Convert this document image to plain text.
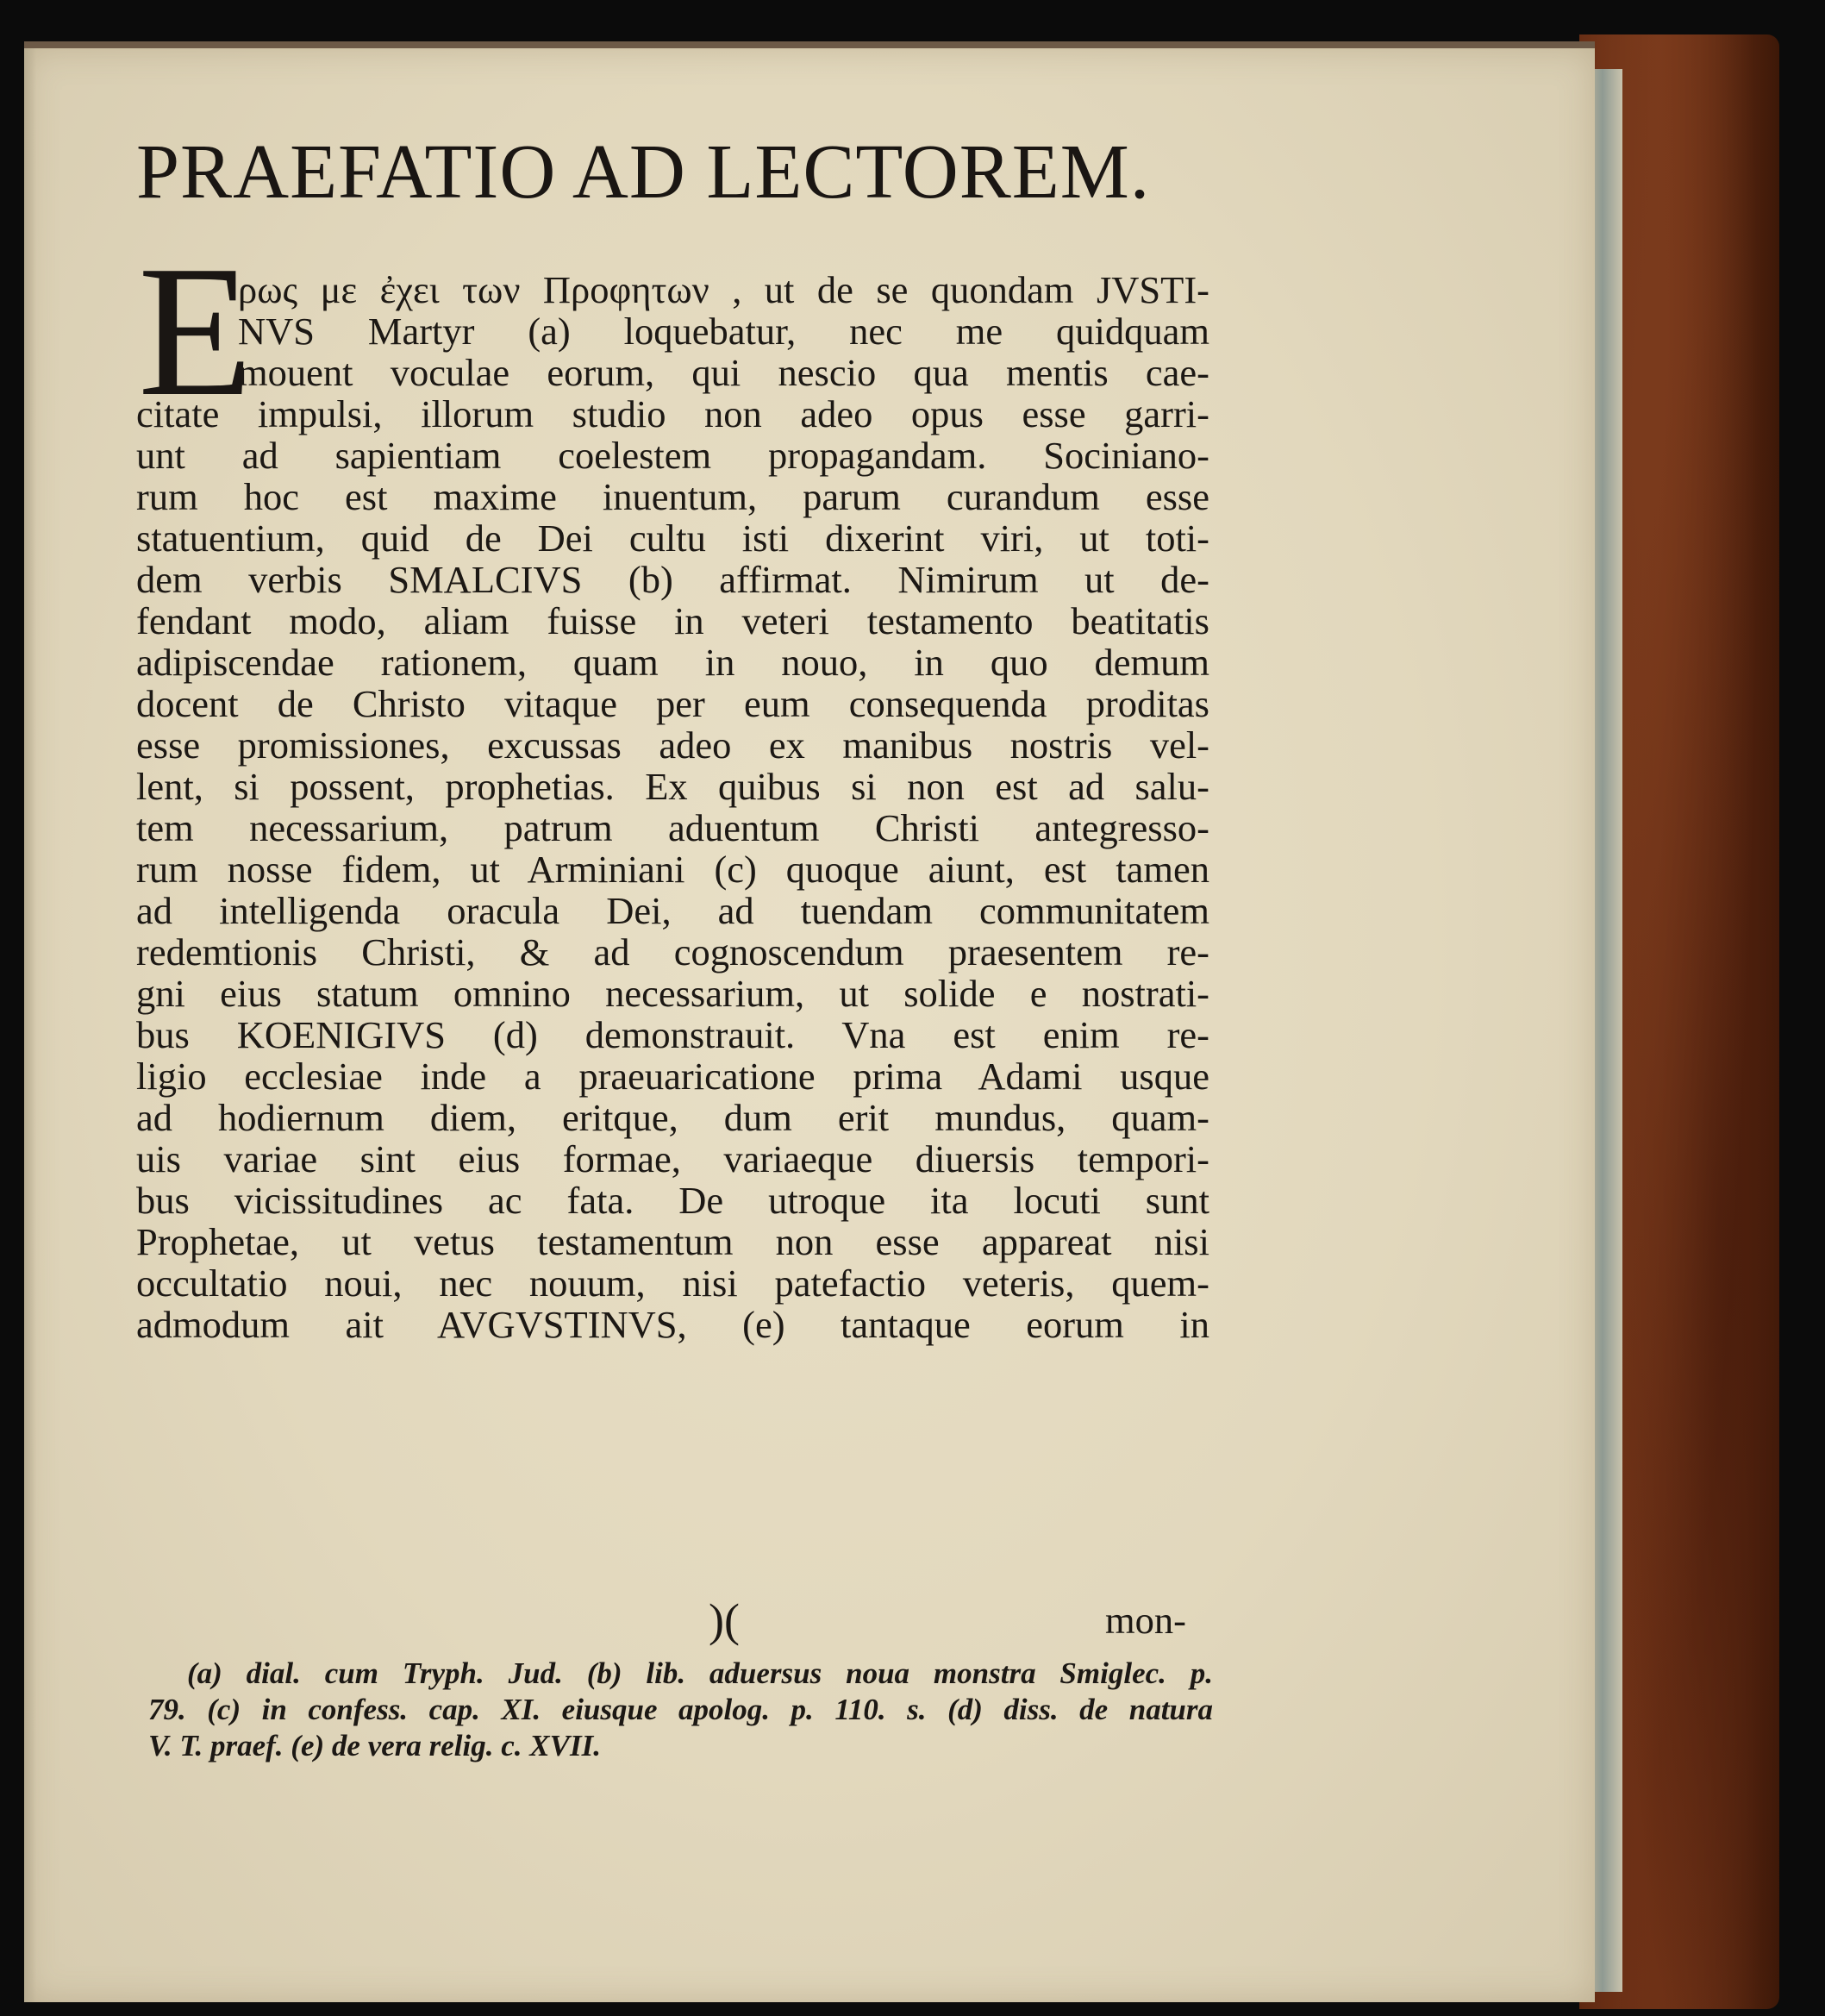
PRAEFATIO AD LECTOREM.
E
ρως με ἐχει των Προφητων , ut de se quondam JVSTI-
NVS Martyr (a) loquebatur, nec me quidquam
mouent voculae eorum, qui nescio qua mentis cae-
citate impulsi, illorum studio non adeo opus esse garri-
unt ad sapientiam coelestem propagandam. Sociniano-
rum hoc est maxime inuentum, parum curandum esse
statuentium, quid de Dei cultu isti dixerint viri, ut toti-
dem verbis SMALCIVS (b) affirmat. Nimirum ut de-
fendant modo, aliam fuisse in veteri testamento beatitatis
adipiscendae rationem, quam in nouo, in quo demum
docent de Christo vitaque per eum consequenda proditas
esse promissiones, excussas adeo ex manibus nostris vel-
lent, si possent, prophetias. Ex quibus si non est ad salu-
tem necessarium, patrum aduentum Christi antegresso-
rum nosse fidem, ut Arminiani (c) quoque aiunt, est tamen
ad intelligenda oracula Dei, ad tuendam communitatem
redemtionis Christi, & ad cognoscendum praesentem re-
gni eius statum omnino necessarium, ut solide e nostrati-
bus KOENIGIVS (d) demonstrauit. Vna est enim re-
ligio ecclesiae inde a praeuaricatione prima Adami usque
ad hodiernum diem, eritque, dum erit mundus, quam-
uis variae sint eius formae, variaeque diuersis tempori-
bus vicissitudines ac fata. De utroque ita locuti sunt
Prophetae, ut vetus testamentum non esse appareat nisi
occultatio noui, nec nouum, nisi patefactio veteris, quem-
admodum ait AVGVSTINVS, (e) tantaque eorum in
)(	mon-
(a) dial. cum Tryph. Jud. (b) lib. aduersus noua monstra Smiglec. p.
79. (c) in confess. cap. XI. eiusque apolog. p. 110. s. (d) diss. de natura
V. T. praef. (e) de vera relig. c. XVII.
